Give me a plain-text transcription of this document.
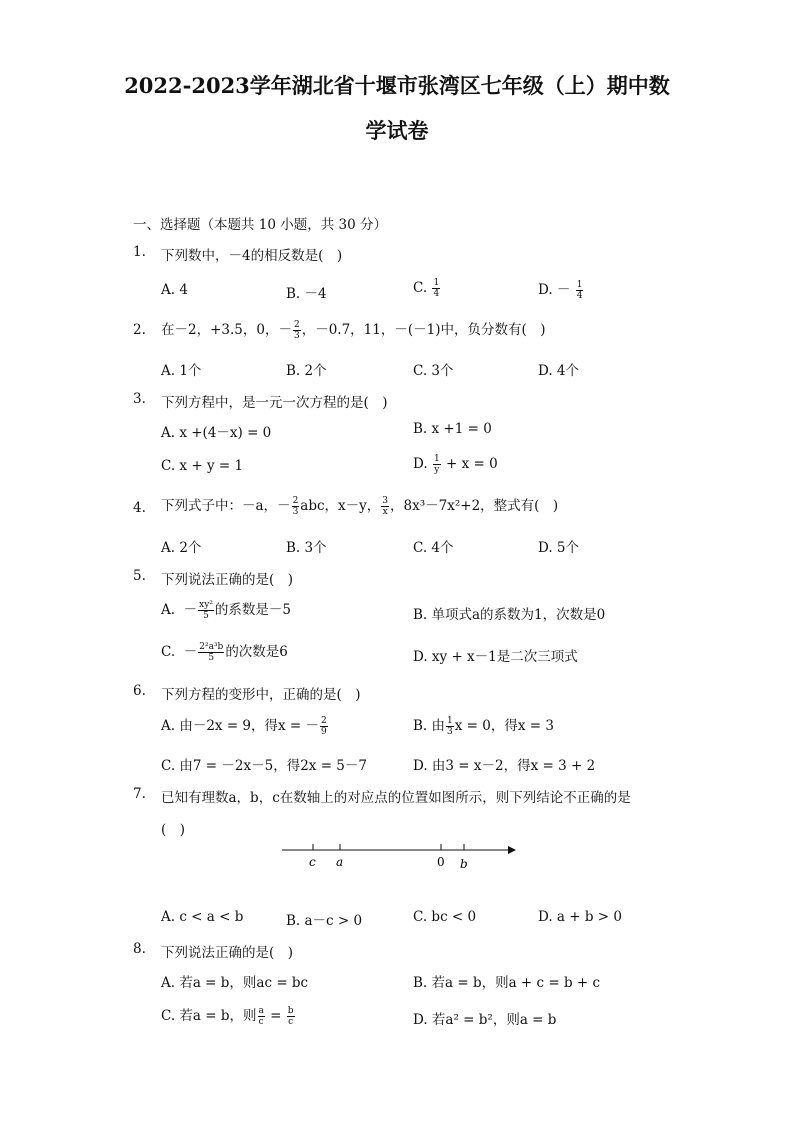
2022-2023学年湖北省十堰市张湾区七年级（上）期中数
学试卷
一、选择题（本题共 10 小题，共 30 分）
1. 下列数中，－4的相反数是(　)
A. 4	B. －4	C. $\frac{1}{4}$	D. － $\frac{1}{4}$
2. 在－2，+3.5，0，－ $\frac{2}{3}$ ，－0.7，11，－(－1)中，负分数有(　)
A. 1个	B. 2个	C. 3个	D. 4个
3. 下列方程中，是一元一次方程的是(　)
A. x +(4－x) = 0	B. x +1 = 0
C. x + y = 1	D. $\frac{1}{y} + x = 0$
4. 下列式子中：－a，－ $\frac{2}{3}$ abc，x－y， $\frac{3}{x}$ ，8x³－7x²+2，整式有(　)
A. 2个	B. 3个	C. 4个	D. 5个
5. 下列说法正确的是(　)
A.  － $\frac{\text{xy²}}{5}$ 的系数是－5	B. 单项式a的系数为1，次数是0
C.  － $\frac{\text{2²a³b}}{5}$ 的次数是6	D. xy + x－1是二次三项式
6. 下列方程的变形中，正确的是(　)
A. 由－2x = 9，得x = － $\frac{2}{9}$	B. 由 $\frac{1}{3}$ x = 0，得x = 3
C. 由7 = －2x－5，得2x = 5－7	D. 由3 = x－2，得x = 3 + 2
7. 已知有理数a，b，c在数轴上的对应点的位置如图所示，则下列结论不正确的是
(　)
c a	0 b
A. c < a < b	B. a－c > 0	C. bc < 0	D. a + b > 0
8. 下列说法正确的是(　)
A. 若a = b，则ac = bc	B. 若a = b，则a + c = b + c
C. 若a = b，则 $\frac{a}{c} = \frac{b}{c}$	D. 若a² = b²，则a = b
